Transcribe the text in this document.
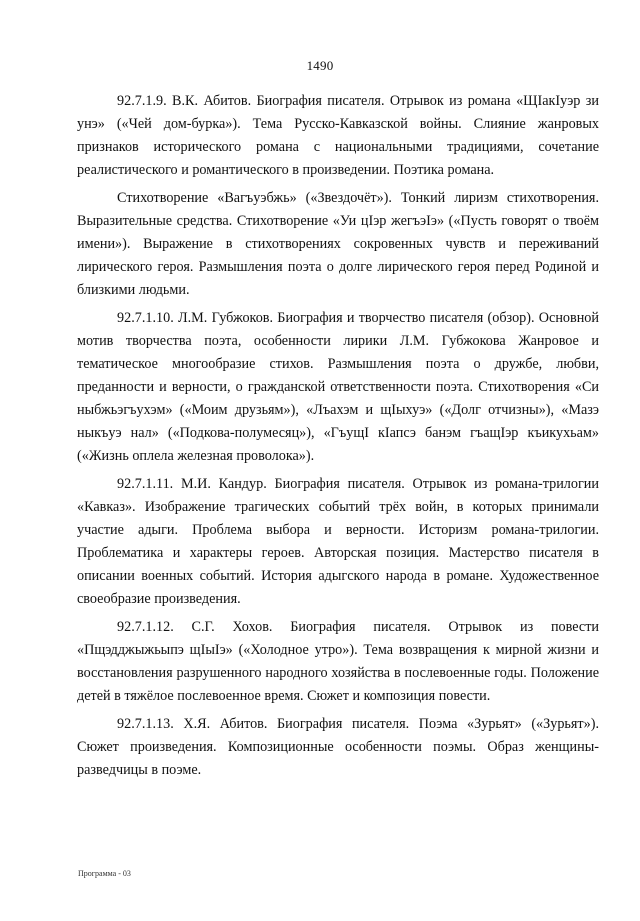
1490

92.7.1.9. В.К. Абитов. Биография писателя. Отрывок из романа «ЩIакIуэр зи унэ» («Чей дом-бурка»). Тема Русско-Кавказской войны. Слияние жанровых признаков исторического романа с национальными традициями, сочетание реалистического и романтического в произведении. Поэтика романа.

Стихотворение «Вагъуэбжь» («Звездочёт»). Тонкий лиризм стихотворения. Выразительные средства. Стихотворение «Уи цIэр жегъэIэ» («Пусть говорят о твоём имени»). Выражение в стихотворениях сокровенных чувств и переживаний лирического героя. Размышления поэта о долге лирического героя перед Родиной и близкими людьми.

92.7.1.10. Л.М. Губжоков. Биография и творчество писателя (обзор). Основной мотив творчества поэта, особенности лирики Л.М. Губжокова Жанровое и тематическое многообразие стихов. Размышления поэта о дружбе, любви, преданности и верности, о гражданской ответственности поэта. Стихотворения «Си ныбжьэгъухэм» («Моим друзьям»), «Лъахэм и щIыхуэ» («Долг отчизны»), «Мазэ ныкъуэ нал» («Подкова-полумесяц»), «ГъущI кIапсэ банэм гъащIэр къикухьам» («Жизнь оплела железная проволока»).

92.7.1.11. М.И. Кандур. Биография писателя. Отрывок из романа-трилогии «Кавказ». Изображение трагических событий трёх войн, в которых принимали участие адыги. Проблема выбора и верности. Историзм романа-трилогии. Проблематика и характеры героев. Авторская позиция. Мастерство писателя в описании военных событий. История адыгского народа в романе. Художественное своеобразие произведения.

92.7.1.12. С.Г. Хохов. Биография писателя. Отрывок из повести «Пщэдджыжьыпэ щIыIэ» («Холодное утро»). Тема возвращения к мирной жизни и восстановления разрушенного народного хозяйства в послевоенные годы. Положение детей в тяжёлое послевоенное время. Сюжет и композиция повести.

92.7.1.13. Х.Я. Абитов. Биография писателя. Поэма «Зурьят» («Зурьят»). Сюжет произведения. Композиционные особенности поэмы. Образ женщины-разведчицы в поэме.

Программа - 03
